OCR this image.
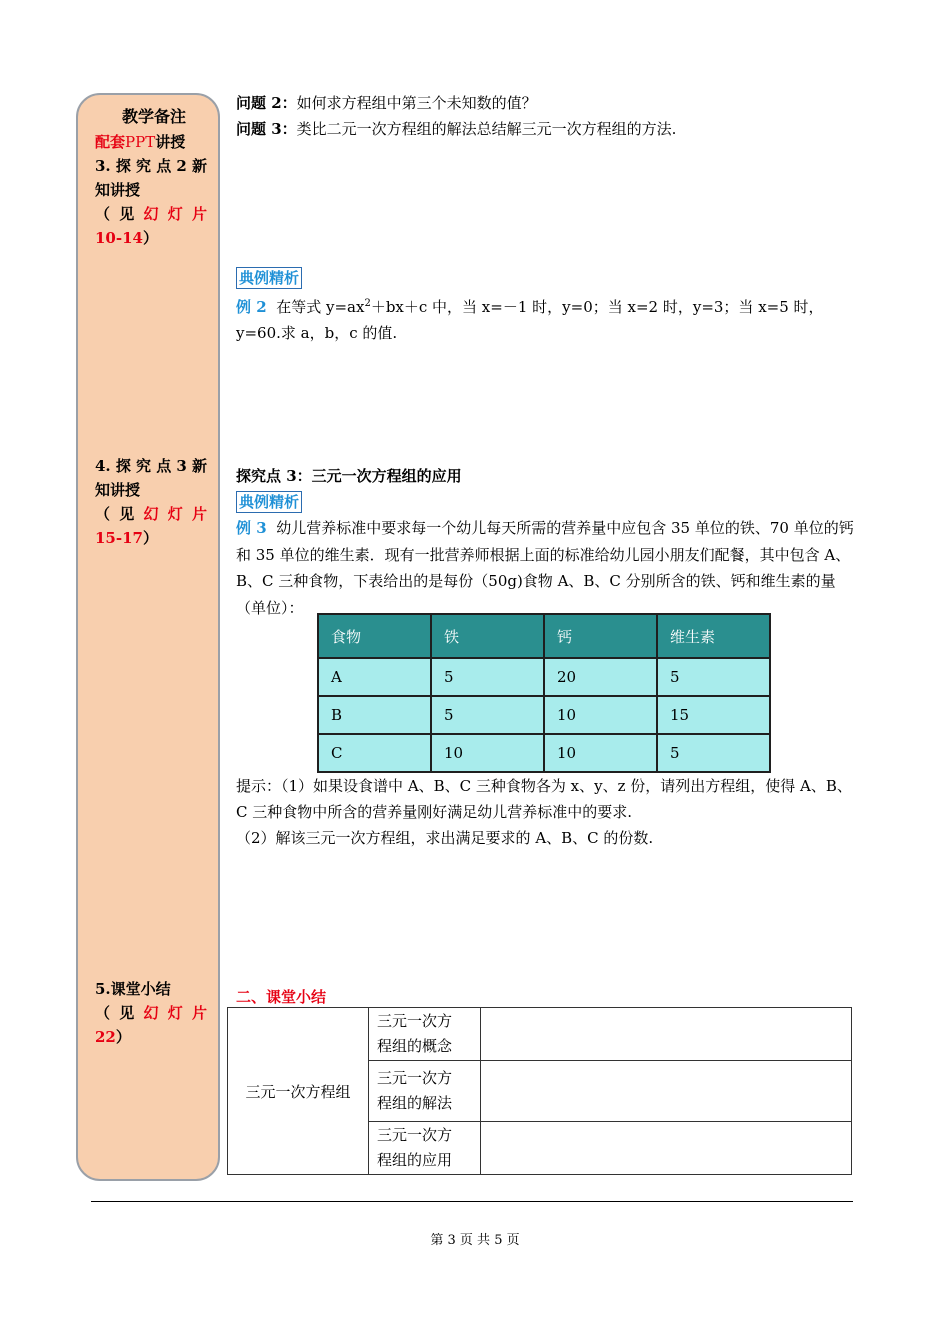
教学备注
配套PPT讲授
3.探究点2新
知讲授
（见幻灯片
10-14）
4.探究点3新
知讲授
（见幻灯片
15-17）
5.课堂小结
（见幻灯片
22）
问题 2：如何求方程组中第三个未知数的值？
问题 3：类比二元一次方程组的解法总结解三元一次方程组的方法.
典例精析
例 2 在等式 $y=ax^2+bx+c$ 中，当 x=－1 时，y=0；当 x=2 时，y=3；当 x=5 时，y=60.求 a，b，c 的值.
探究点 3：三元一次方程组的应用
典例精析
例 3 幼儿营养标准中要求每一个幼儿每天所需的营养量中应包含 35 单位的铁、70 单位的钙和 35 单位的维生素．现有一批营养师根据上面的标准给幼儿园小朋友们配餐，其中包含 A、B、C 三种食物，下表给出的是每份（50g)食物 A、B、C 分别所含的铁、钙和维生素的量（单位）：
食物	铁	钙	维生素
A	5	20	5
B	5	10	15
C	10	10	5
提示：（1）如果设食谱中 A、B、C 三种食物各为 x、y、z 份，请列出方程组，使得 A、B、C 三种食物中所含的营养量刚好满足幼儿营养标准中的要求.
（2）解该三元一次方程组，求出满足要求的 A、B、C 的份数.
二、课堂小结
三元一次方程组	三元一次方
程组的概念	

	三元一次方
程组的解法	

	三元一次方
程组的应用	

第 3 页 共 5 页
